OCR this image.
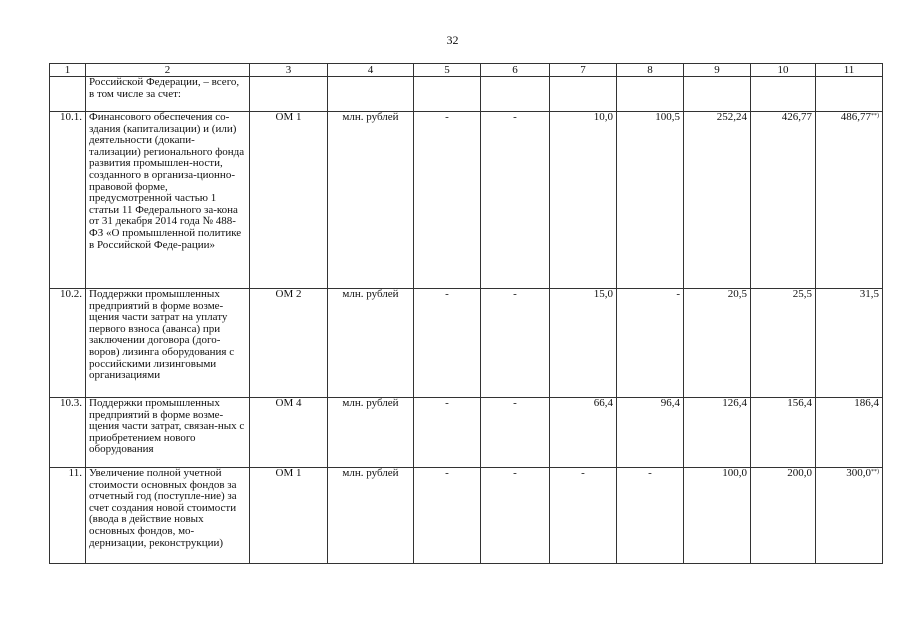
32
1	2	3	4	5	6	7	8	9	10	11
	Российской Федерации, – всего, в том числе за счет:									
10.1.	Финансового обеспечения со-здания (капитализации) и (или) деятельности (докапи-тализации) регионального фонда развития промышлен-ности, созданного в организа-ционно-правовой форме, предусмотренной частью 1 статьи 11 Федерального за-кона от 31 декабря 2014 года № 488-ФЗ «О промышленной политике в Российской Феде-рации»	ОМ 1	млн. рублей	-	-	10,0	100,5	252,24	426,77	486,77**)
10.2.	Поддержки промышленных предприятий в форме возме-щения части затрат на уплату первого взноса (аванса) при заключении договора (дого-воров) лизинга оборудования с российскими лизинговыми организациями	ОМ 2	млн. рублей	-	-	15,0	-	20,5	25,5	31,5
10.3.	Поддержки промышленных предприятий в форме возме-щения части затрат, связан-ных с приобретением нового оборудования	ОМ 4	млн. рублей	-	-	66,4	96,4	126,4	156,4	186,4
11.	Увеличение полной учетной стоимости основных фондов за отчетный год (поступле-ние) за счет создания новой стоимости (ввода в действие новых основных фондов, мо-дернизации, реконструкции)	ОМ 1	млн. рублей	-	-	-	-	100,0	200,0	300,0**)
